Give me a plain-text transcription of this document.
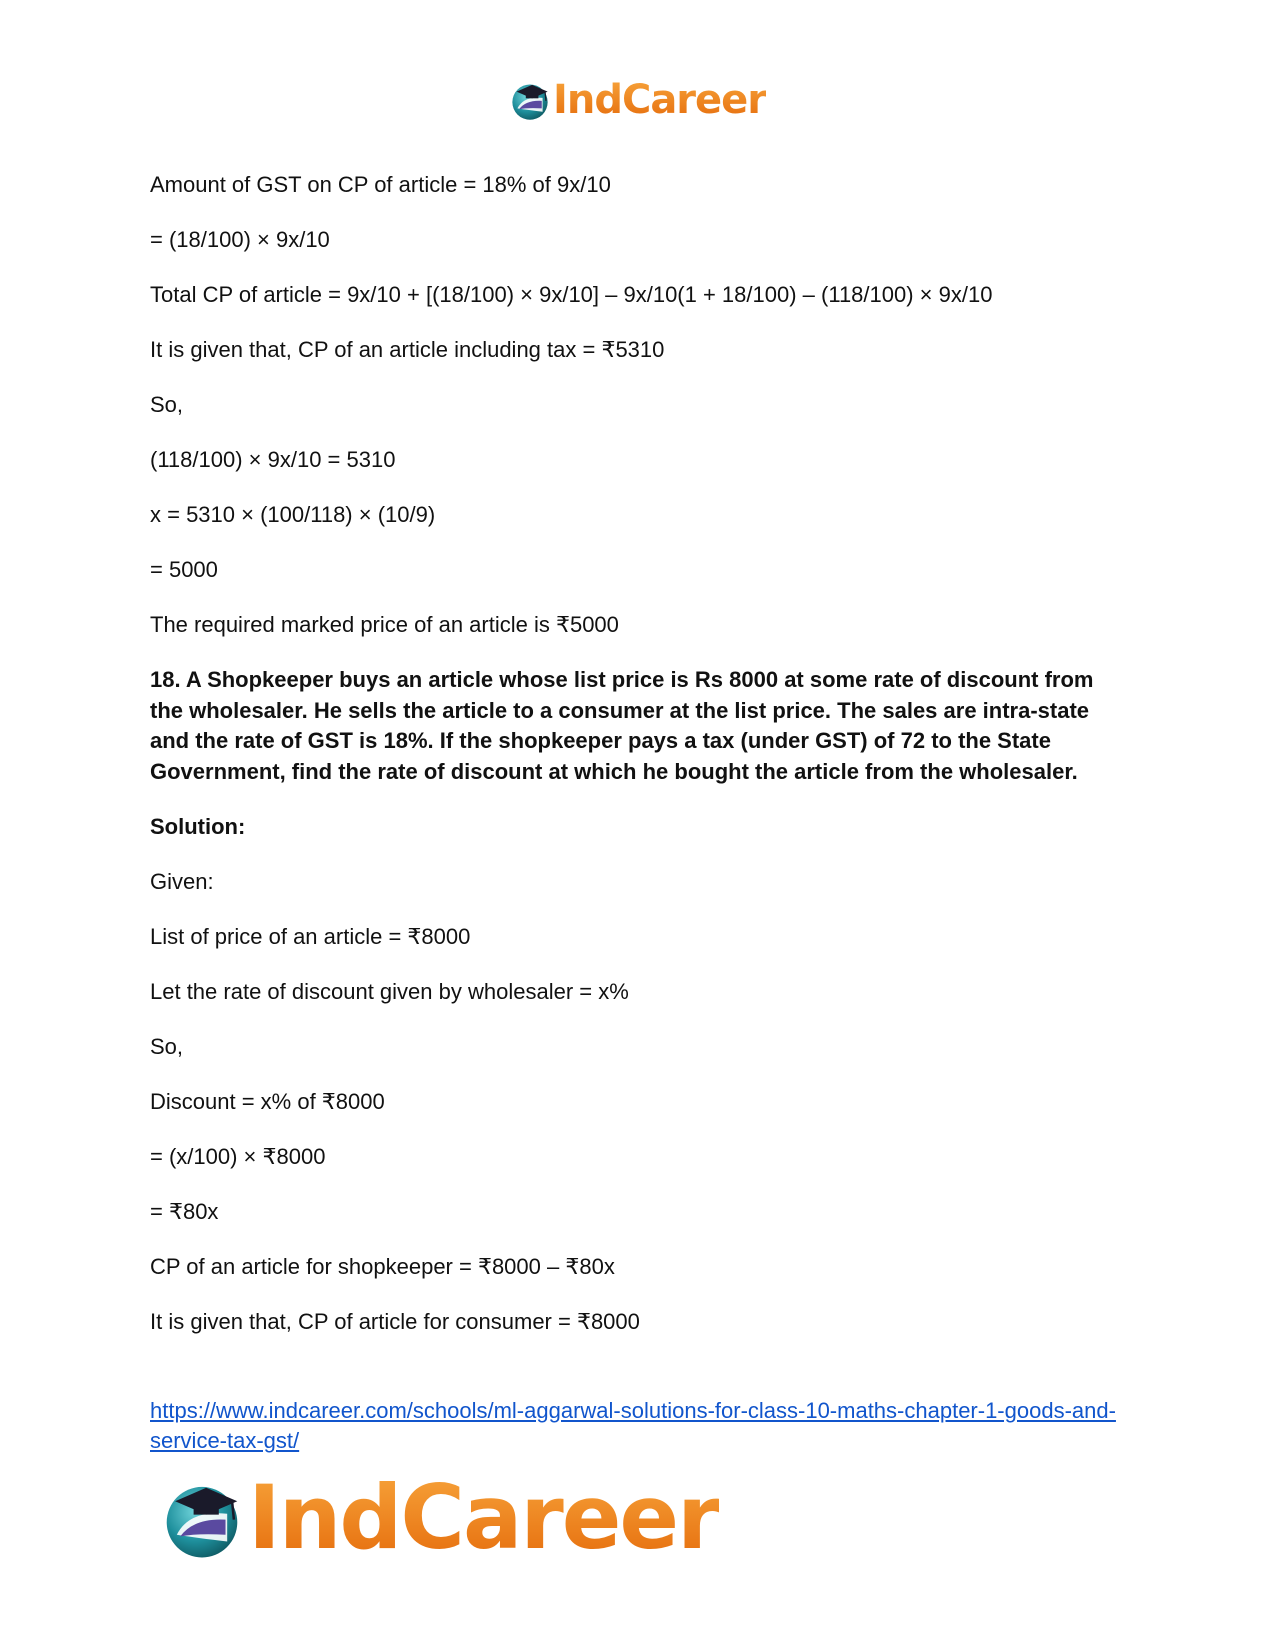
IndCareer

Amount of GST on CP of article = 18% of 9x/10

= (18/100) × 9x/10

Total CP of article = 9x/10 + [(18/100) × 9x/10] – 9x/10(1 + 18/100) – (118/100) × 9x/10

It is given that, CP of an article including tax = ₹5310

So,

(118/100) × 9x/10 = 5310

x = 5310 × (100/118) × (10/9)

= 5000

The required marked price of an article is ₹5000

18. A Shopkeeper buys an article whose list price is Rs 8000 at some rate of discount from the wholesaler. He sells the article to a consumer at the list price. The sales are intra-state and the rate of GST is 18%. If the shopkeeper pays a tax (under GST) of 72 to the State Government, find the rate of discount at which he bought the article from the wholesaler.

Solution:

Given:

List of price of an article = ₹8000

Let the rate of discount given by wholesaler = x%

So,

Discount = x% of ₹8000

= (x/100) × ₹8000

= ₹80x

CP of an article for shopkeeper = ₹8000 – ₹80x

It is given that, CP of article for consumer = ₹8000

https://www.indcareer.com/schools/ml-aggarwal-solutions-for-class-10-maths-chapter-1-goods-and-service-tax-gst/
IndCareer
